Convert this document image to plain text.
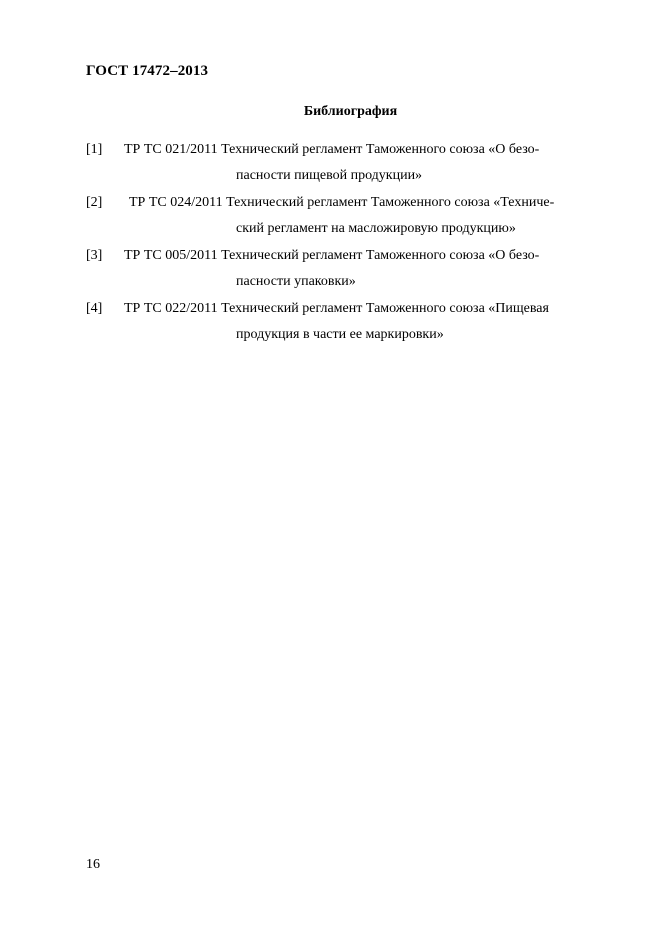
ГОСТ 17472–2013
Библиография
[1] ТР ТС 021/2011 Технический регламент Таможенного союза «О безо-
пасности пищевой продукции»
[2] ТР ТС 024/2011 Технический регламент Таможенного союза «Техниче-
ский регламент на масложировую продукцию»
[3] ТР ТС 005/2011 Технический регламент Таможенного союза «О безо-
пасности упаковки»
[4] ТР ТС 022/2011 Технический регламент Таможенного союза «Пищевая
продукция в части ее маркировки»
16
